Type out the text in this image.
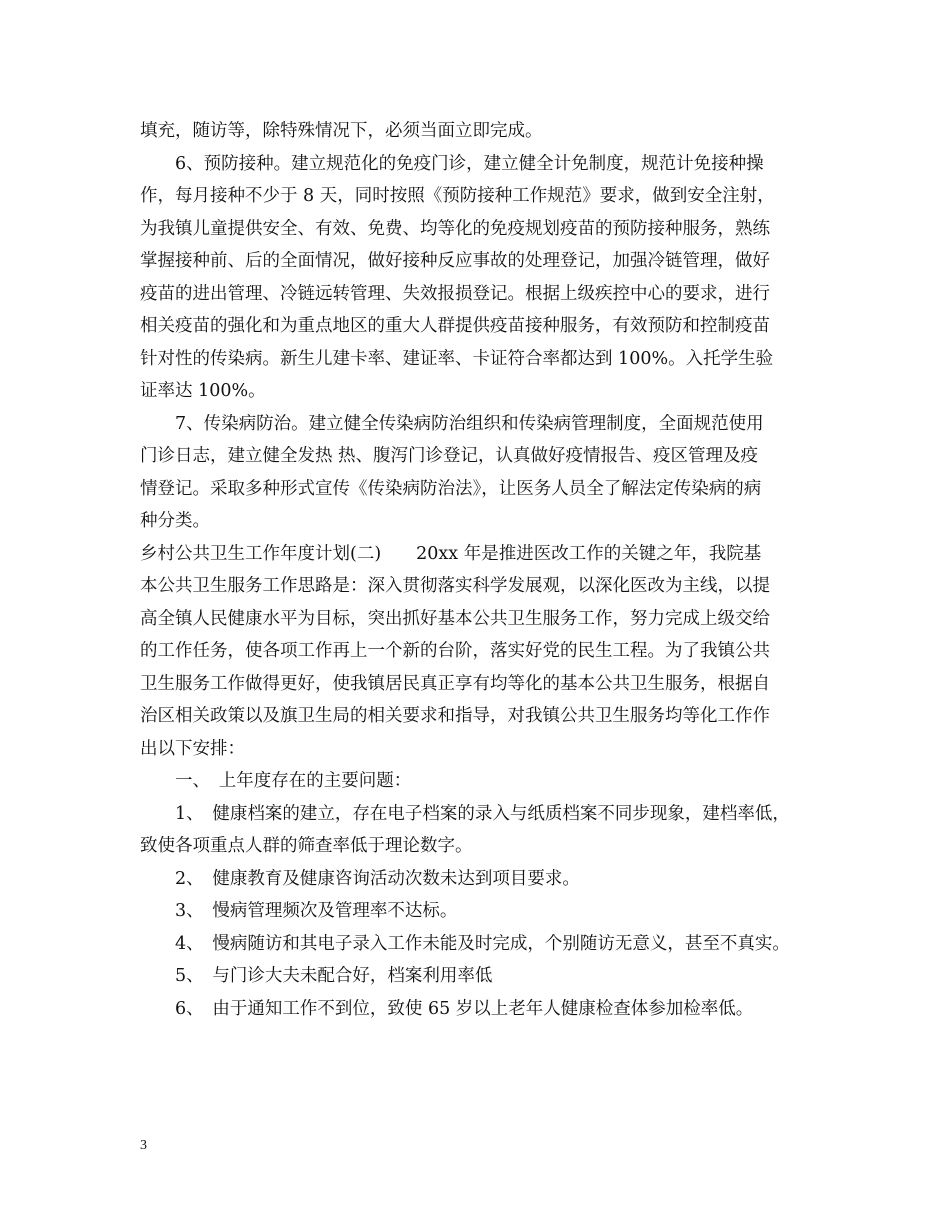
填充，随访等，除特殊情况下，必须当面立即完成。
6、预防接种。建立规范化的免疫门诊，建立健全计免制度，规范计免接种操
作，每月接种不少于 8 天，同时按照《预防接种工作规范》要求，做到安全注射，
为我镇儿童提供安全、有效、免费、均等化的免疫规划疫苗的预防接种服务，熟练
掌握接种前、后的全面情况，做好接种反应事故的处理登记，加强冷链管理，做好
疫苗的进出管理、冷链远转管理、失效报损登记。根据上级疾控中心的要求，进行
相关疫苗的强化和为重点地区的重大人群提供疫苗接种服务，有效预防和控制疫苗
针对性的传染病。新生儿建卡率、建证率、卡证符合率都达到 100%。入托学生验
证率达 100%。
7、传染病防治。建立健全传染病防治组织和传染病管理制度，全面规范使用
门诊日志，建立健全发热 热、腹泻门诊登记，认真做好疫情报告、疫区管理及疫
情登记。采取多种形式宣传《传染病防治法》，让医务人员全了解法定传染病的病
种分类。
乡村公共卫生工作年度计划(二)　　20xx 年是推进医改工作的关键之年，我院基
本公共卫生服务工作思路是：深入贯彻落实科学发展观，以深化医改为主线，以提
高全镇人民健康水平为目标，突出抓好基本公共卫生服务工作，努力完成上级交给
的工作任务，使各项工作再上一个新的台阶，落实好党的民生工程。为了我镇公共
卫生服务工作做得更好，使我镇居民真正享有均等化的基本公共卫生服务，根据自
治区相关政策以及旗卫生局的相关要求和指导，对我镇公共卫生服务均等化工作作
出以下安排：
一、　上年度存在的主要问题：
1、　健康档案的建立，存在电子档案的录入与纸质档案不同步现象，建档率低，
致使各项重点人群的筛查率低于理论数字。
2、　健康教育及健康咨询活动次数未达到项目要求。
3、　慢病管理频次及管理率不达标。
4、　慢病随访和其电子录入工作未能及时完成，个别随访无意义，甚至不真实。
5、　与门诊大夫未配合好，档案利用率低
6、　由于通知工作不到位，致使 65 岁以上老年人健康检查体参加检率低。
3
